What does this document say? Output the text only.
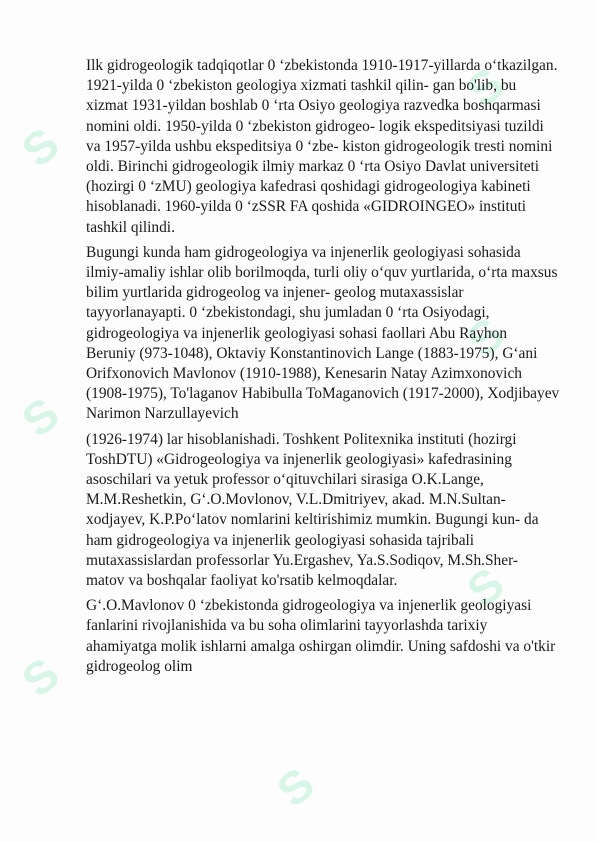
S
S
S
S
S
S
S

Ilk gidrogeologik tadqiqotlar 0 ‘zbekistonda 1910-1917-yillarda o‘tkazilgan. 1921-yilda 0 ‘zbekiston geologiya xizmati tashkil qilin- gan bo'lib, bu xizmat 1931-yildan boshlab 0 ‘rta Osiyo geologiya razvedka boshqarmasi nomini oldi. 1950-yilda 0 ‘zbekiston gidrogeo- logik ekspeditsiyasi tuzildi va 1957-yilda ushbu ekspeditsiya 0 ‘zbe- kiston gidrogeologik tresti nomini oldi. Birinchi gidrogeologik ilmiy markaz 0 ‘rta Osiyo Davlat universiteti (hozirgi 0 ‘zMU) geologiya kafedrasi qoshidagi gidrogeologiya kabineti hisoblanadi. 1960-yilda 0 ‘zSSR FA qoshida «GIDROINGEO» instituti tashkil qilindi.

Bugungi kunda ham gidrogeologiya va injenerlik geologiyasi sohasida ilmiy-amaliy ishlar olib borilmoqda, turli oliy o‘quv yurtlarida, o‘rta maxsus bilim yurtlarida gidrogeolog va injener- geolog mutaxassislar tayyorlanayapti. 0 ‘zbekistondagi, shu jumladan 0 ‘rta Osiyodagi, gidrogeologiya va injenerlik geologiyasi sohasi faollari Abu Rayhon Beruniy (973-1048), Oktaviy Konstantinovich Lange (1883-1975), G‘ani Orifxonovich Mavlonov (1910-1988), Kenesarin Natay Azimxonovich (1908-1975), To'laganov Habibulla ToMaganovich (1917-2000), Xodjibayev Narimon Narzullayevich

(1926-1974) lar hisoblanishadi. Toshkent Politexnika instituti (hozirgi ToshDTU) «Gidrogeologiya va injenerlik geologiyasi» kafedrasining asoschilari va yetuk professor o‘qituvchilari sirasiga O.K.Lange, M.M.Reshetkin, G‘.O.Movlonov, V.L.Dmitriyev, akad. M.N.Sultan- xodjayev, K.P.Po‘latov nomlarini keltirishimiz mumkin. Bugungi kun- da ham gidrogeologiya va injenerlik geologiyasi sohasida tajribali mutaxassislardan professorlar Yu.Ergashev, Ya.S.Sodiqov, M.Sh.Sher- matov va boshqalar faoliyat ko'rsatib kelmoqdalar.

G‘.O.Mavlonov 0 ‘zbekistonda gidrogeologiya va injenerlik geologiyasi fanlarini rivojlanishida va bu soha olimlarini tayyorlashda tarixiy ahamiyatga molik ishlarni amalga oshirgan olimdir. Uning safdoshi va o'tkir gidrogeolog olim
